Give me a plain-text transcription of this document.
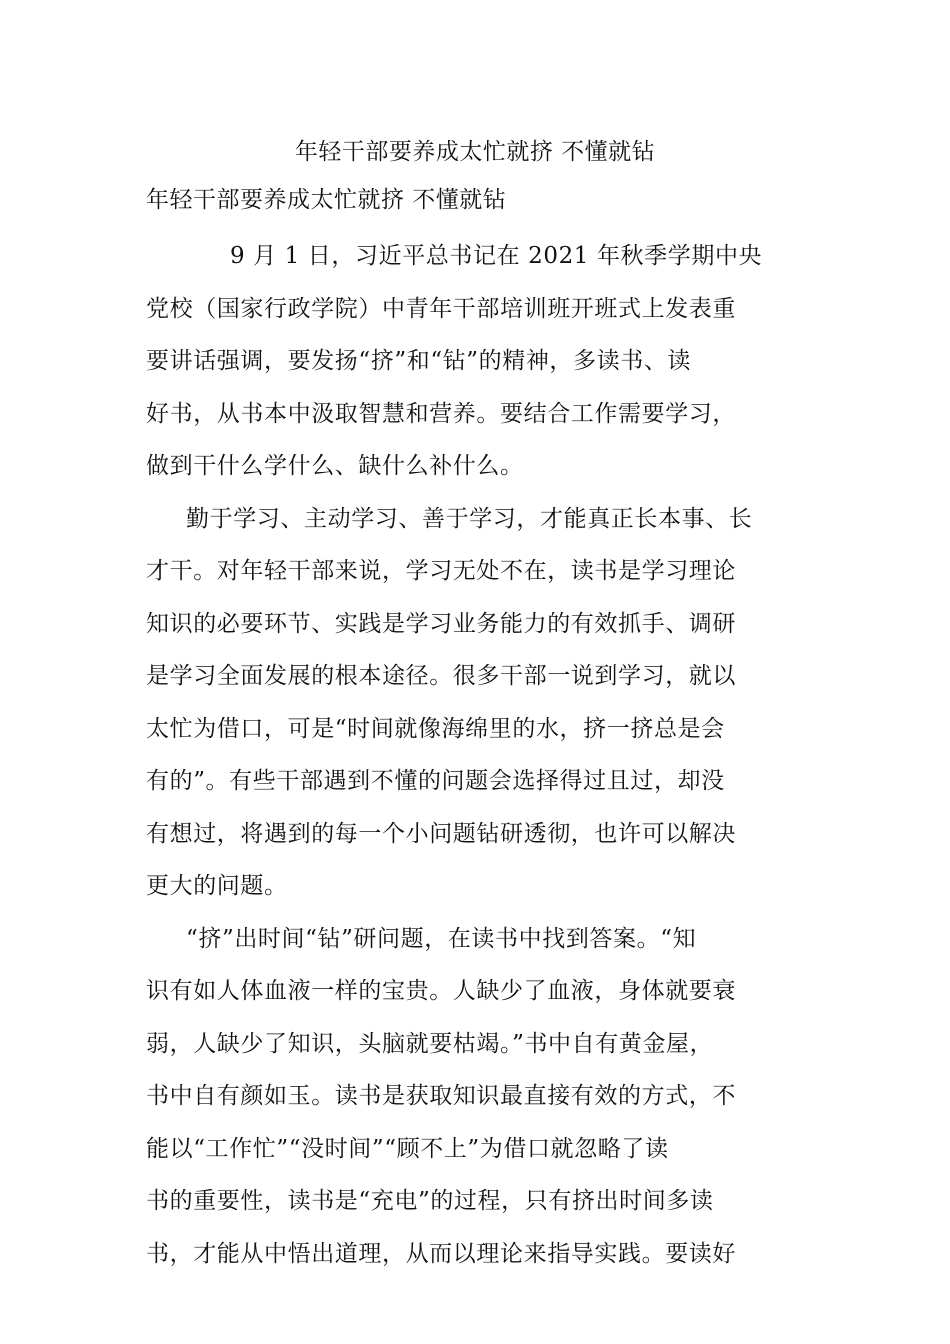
年轻干部要养成太忙就挤 不懂就钻
年轻干部要养成太忙就挤 不懂就钻

9 月 1 日，习近平总书记在 2021 年秋季学期中央
党校（国家行政学院）中青年干部培训班开班式上发表重
要讲话强调，要发扬“挤”和“钻”的精神，多读书、读
好书，从书本中汲取智慧和营养。要结合工作需要学习，
做到干什么学什么、缺什么补什么。

勤于学习、主动学习、善于学习，才能真正长本事、长
才干。对年轻干部来说，学习无处不在，读书是学习理论
知识的必要环节、实践是学习业务能力的有效抓手、调研
是学习全面发展的根本途径。很多干部一说到学习，就以
太忙为借口，可是“时间就像海绵里的水，挤一挤总是会
有的”。有些干部遇到不懂的问题会选择得过且过，却没
有想过，将遇到的每一个小问题钻研透彻，也许可以解决
更大的问题。

“挤”出时间“钻”研问题，在读书中找到答案。“知
识有如人体血液一样的宝贵。人缺少了血液，身体就要衰
弱，人缺少了知识，头脑就要枯竭。”书中自有黄金屋，
书中自有颜如玉。读书是获取知识最直接有效的方式，不
能以“工作忙”“没时间”“顾不上”为借口就忽略了读
书的重要性，读书是“充电”的过程，只有挤出时间多读
书，才能从中悟出道理，从而以理论来指导实践。要读好
